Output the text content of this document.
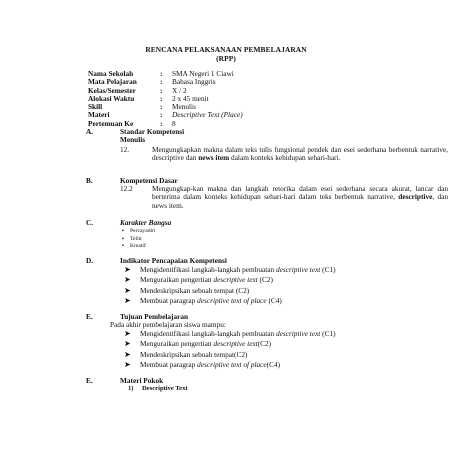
RENCANA PELAKSANAAN PEMBELAJARAN
(RPP)
Nama Sekolah	:	SMA Negeri 1 Ciawi
Mata Pelajaran	:	Bahasa Inggris
Kelas/Semester	:	X / 2
Alokasi Waktu	:	2 x 45 menit
Skill	:	Menulis
Materi	:	Descriptive Text (Place)
Pertemuan Ke	:	8
A.	Standar Kompetensi
Menulis
12.	Mengungkapkan makna dalam teks tulis fungsional pendek dan esei sederhana berbentuk narrative, descriptive dan news item dalam konteks kehidupan sehari-hari.
B.	Kompetensi Dasar
12.2	Mengungkap-kan makna dan langkah retorika dalam esei sederhana secara akurat, lancar dan berterima dalam konteks kehidupan sehari-hari dalam teks berbentuk narrative, descriptive, dan news item.
C.	Karakter Bangsa
▪ Percayadiri
▪ Teliti
▪ Kreatif
D.	Indikator Pencapaian Kompetensi
➤ Mengidentifikasi langkah-langkah pembuatan descriptive text (C1)
➤ Menguraikan pengertian descriptive text (C2)
➤ Mendeskripsikan sebuah tempat (C2)
➤ Membuat paragrap descriptive text of place (C4)
E.	Tujuan Pembelajaran
Pada akhir pembelajaran siswa mampu:
➤ Mengidentifikasi langkah-langkah pembuatan descriptive text (C1)
➤ Menguraikan pengertian descriptive text(C2)
➤ Mendeskripsikan sebuah tempat(C2)
➤ Membuat paragrap descriptive text of place(C4)
E.	Materi Pokok
1) Descriptive Text
